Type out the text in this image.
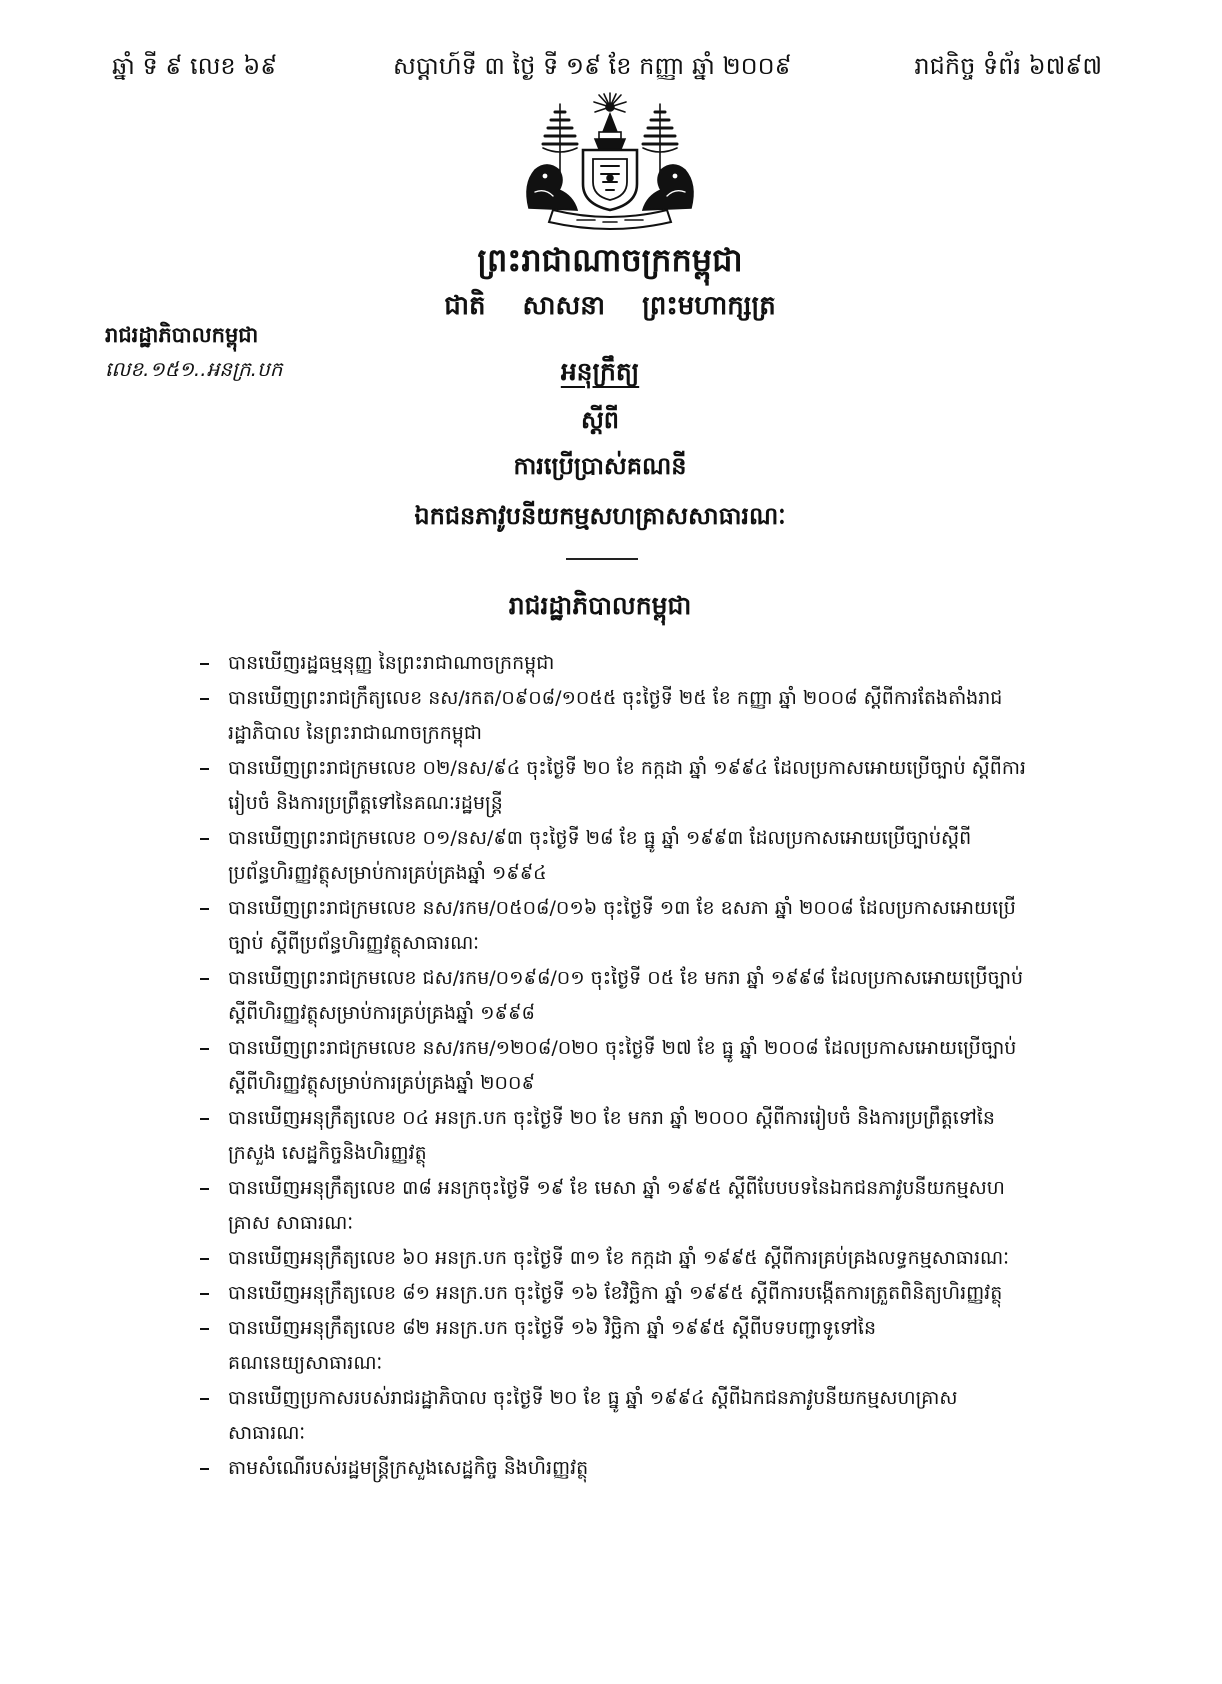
ឆ្នាំ ទី ៩ លេខ ៦៩	សប្តាហ៍ទី ៣ ថ្ងៃ ទី ១៩ ខែ កញ្ញា ឆ្នាំ ២០០៩	រាជកិច្ច ទំព័រ ៦៧៩៧
ព្រះរាជាណាចក្រកម្ពុជា
ជាតិ សាសនា ព្រះមហាក្សត្រ
រាជរដ្ឋាភិបាលកម្ពុជា
លេខ.១៥១..អនក្រ.បក	អនុក្រឹត្យ
ស្តីពី
ការប្រើប្រាស់គណនី
ឯកជនភាវូបនីយកម្មសហគ្រាសសាធារណៈ
រាជរដ្ឋាភិបាលកម្ពុជា
បានឃើញរដ្ឋធម្មនុញ្ញ នៃព្រះរាជាណាចក្រកម្ពុជា
បានឃើញព្រះរាជក្រឹត្យលេខ នស/រកត/០៩០៨/១០៥៥ ចុះថ្ងៃទី ២៥ ខែ កញ្ញា ឆ្នាំ ២០០៨ ស្តីពីការតែងតាំងរាជរដ្ឋាភិបាល នៃព្រះរាជាណាចក្រកម្ពុជា
បានឃើញព្រះរាជក្រមលេខ ០២/នស/៩៤ ចុះថ្ងៃទី ២០ ខែ កក្កដា ឆ្នាំ ១៩៩៤ ដែលប្រកាសអោយប្រើច្បាប់ ស្តីពីការរៀបចំ និងការប្រព្រឹត្តទៅនៃគណៈរដ្ឋមន្ត្រី
បានឃើញព្រះរាជក្រមលេខ ០១/នស/៩៣ ចុះថ្ងៃទី ២៨ ខែ ធ្នូ ឆ្នាំ ១៩៩៣ ដែលប្រកាសអោយប្រើច្បាប់ស្តីពីប្រព័ន្ធហិរញ្ញវត្ថុសម្រាប់ការគ្រប់គ្រងឆ្នាំ ១៩៩៤
បានឃើញព្រះរាជក្រមលេខ នស/រកម/០៥០៨/០១៦ ចុះថ្ងៃទី ១៣ ខែ ឧសភា ឆ្នាំ ២០០៨ ដែលប្រកាសអោយប្រើច្បាប់ ស្តីពីប្រព័ន្ធហិរញ្ញវត្ថុសាធារណៈ
បានឃើញព្រះរាជក្រមលេខ ជស/រកម/០១៩៨/០១ ចុះថ្ងៃទី ០៥ ខែ មករា ឆ្នាំ ១៩៩៨ ដែលប្រកាសអោយប្រើច្បាប់ស្តីពីហិរញ្ញវត្ថុសម្រាប់ការគ្រប់គ្រងឆ្នាំ ១៩៩៨
បានឃើញព្រះរាជក្រមលេខ នស/រកម/១២០៨/០២០ ចុះថ្ងៃទី ២៧ ខែ ធ្នូ ឆ្នាំ ២០០៨ ដែលប្រកាសអោយប្រើច្បាប់ ស្តីពីហិរញ្ញវត្ថុសម្រាប់ការគ្រប់គ្រងឆ្នាំ ២០០៩
បានឃើញអនុក្រឹត្យលេខ ០៤ អនក្រ.បក ចុះថ្ងៃទី ២០ ខែ មករា ឆ្នាំ ២០០០ ស្តីពីការរៀបចំ និងការប្រព្រឹត្តទៅនៃក្រសួង សេដ្ឋកិច្ចនិងហិរញ្ញវត្ថុ
បានឃើញអនុក្រឹត្យលេខ ៣៨ អនក្រចុះថ្ងៃទី ១៩ ខែ មេសា ឆ្នាំ ១៩៩៥ ស្តីពីបែបបទនៃឯកជនភាវូបនីយកម្មសហគ្រាស សាធារណៈ
បានឃើញអនុក្រឹត្យលេខ ៦០ អនក្រ.បក ចុះថ្ងៃទី ៣១ ខែ កក្កដា ឆ្នាំ ១៩៩៥ ស្តីពីការគ្រប់គ្រងលទ្ធកម្មសាធារណៈ
បានឃើញអនុក្រឹត្យលេខ ៨១ អនក្រ.បក ចុះថ្ងៃទី ១៦ ខែវិច្ឆិកា ឆ្នាំ ១៩៩៥ ស្តីពីការបង្កើតការត្រួតពិនិត្យហិរញ្ញវត្ថុ
បានឃើញអនុក្រឹត្យលេខ ៨២ អនក្រ.បក ចុះថ្ងៃទី ១៦ វិច្ឆិកា ឆ្នាំ ១៩៩៥ ស្តីពីបទបញ្ជាទូទៅនៃគណនេយ្យសាធារណៈ
បានឃើញប្រកាសរបស់រាជរដ្ឋាភិបាល ចុះថ្ងៃទី ២០ ខែ ធ្នូ ឆ្នាំ ១៩៩៤ ស្តីពីឯកជនភាវូបនីយកម្មសហគ្រាសសាធារណៈ
តាមសំណើរបស់រដ្ឋមន្ត្រីក្រសួងសេដ្ឋកិច្ច និងហិរញ្ញវត្ថុ
